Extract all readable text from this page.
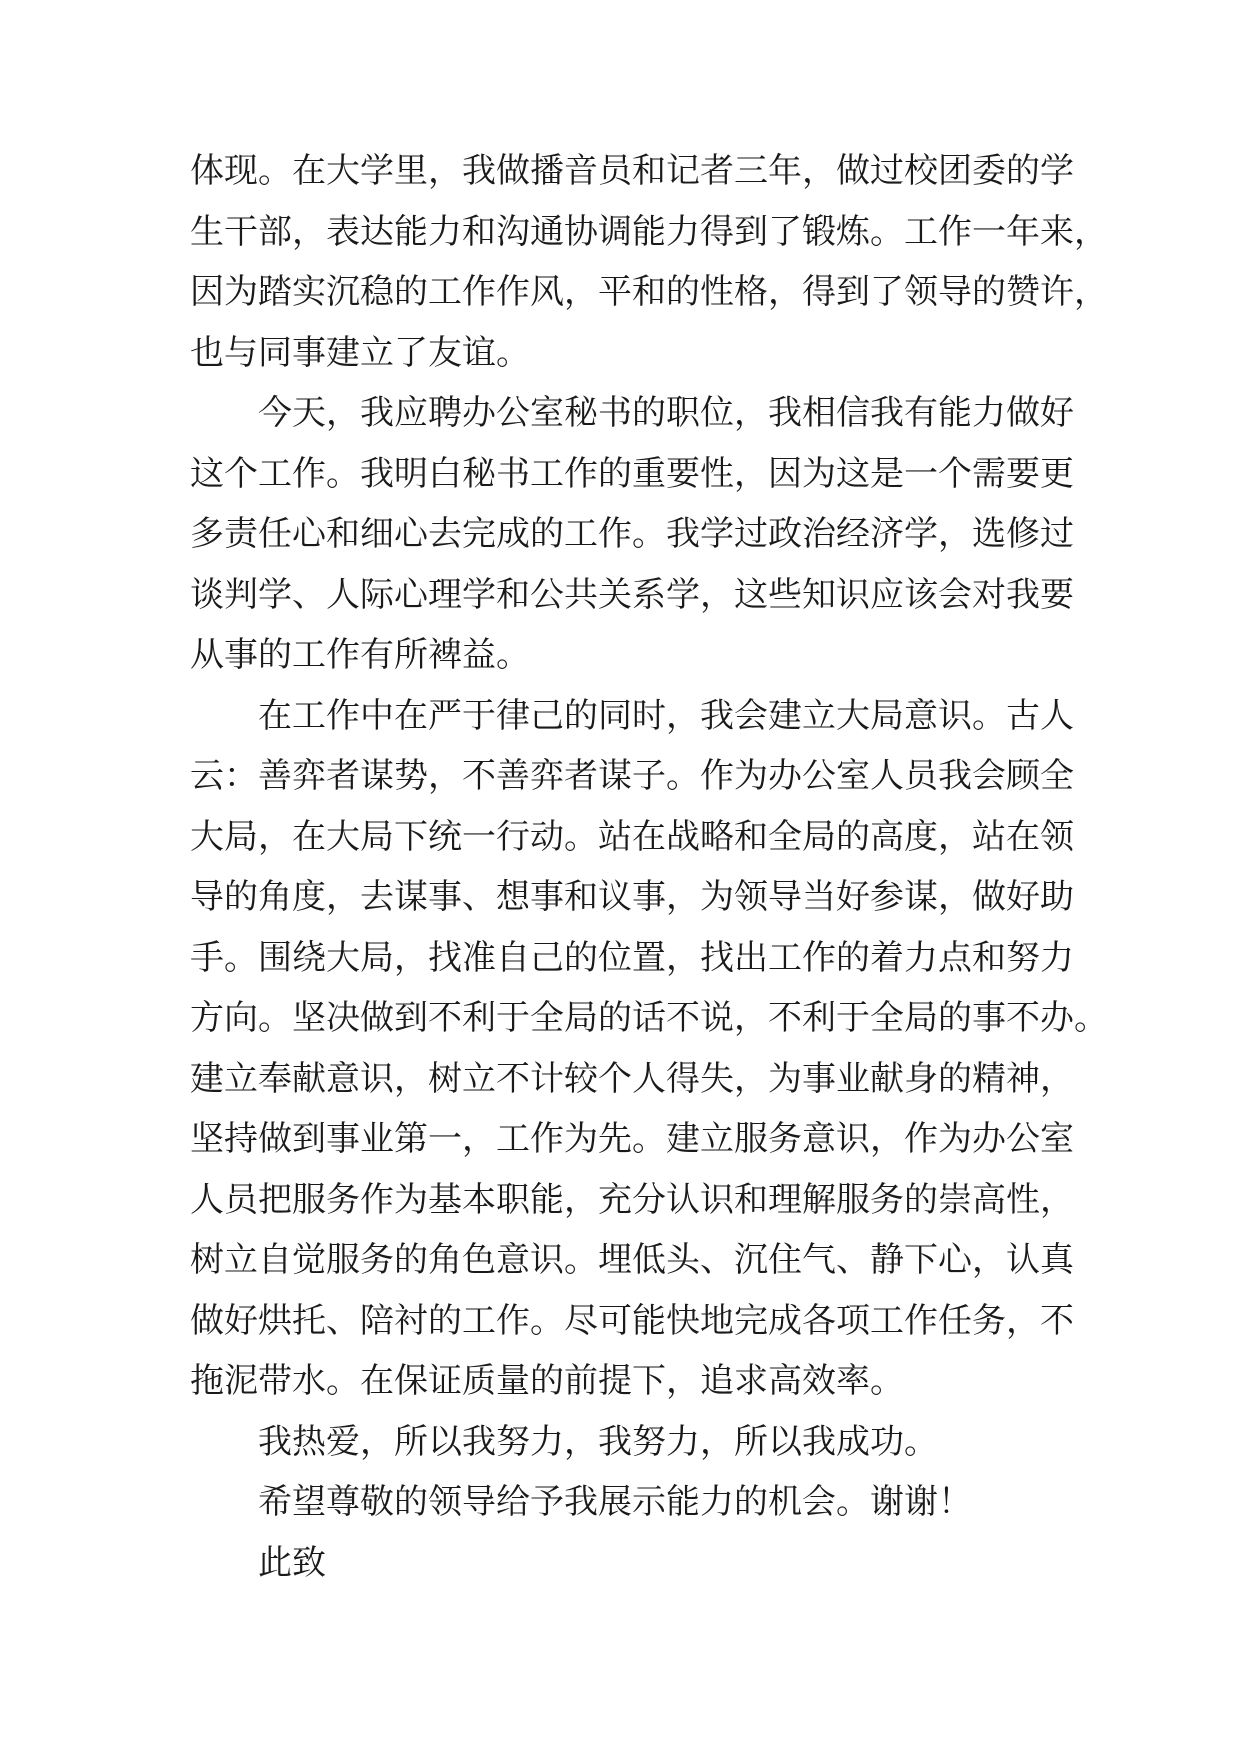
体现。在大学里，我做播音员和记者三年，做过校团委的学
生干部，表达能力和沟通协调能力得到了锻炼。工作一年来，
因为踏实沉稳的工作作风，平和的性格，得到了领导的赞许，
也与同事建立了友谊。
今天，我应聘办公室秘书的职位，我相信我有能力做好
这个工作。我明白秘书工作的重要性，因为这是一个需要更
多责任心和细心去完成的工作。我学过政治经济学，选修过
谈判学、人际心理学和公共关系学，这些知识应该会对我要
从事的工作有所裨益。
在工作中在严于律己的同时，我会建立大局意识。古人
云：善弈者谋势，不善弈者谋子。作为办公室人员我会顾全
大局，在大局下统一行动。站在战略和全局的高度，站在领
导的角度，去谋事、想事和议事，为领导当好参谋，做好助
手。围绕大局，找准自己的位置，找出工作的着力点和努力
方向。坚决做到不利于全局的话不说，不利于全局的事不办。
建立奉献意识，树立不计较个人得失，为事业献身的精神，
坚持做到事业第一，工作为先。建立服务意识，作为办公室
人员把服务作为基本职能，充分认识和理解服务的崇高性，
树立自觉服务的角色意识。埋低头、沉住气、静下心，认真
做好烘托、陪衬的工作。尽可能快地完成各项工作任务，不
拖泥带水。在保证质量的前提下，追求高效率。
我热爱，所以我努力，我努力，所以我成功。
希望尊敬的领导给予我展示能力的机会。谢谢！
此致
